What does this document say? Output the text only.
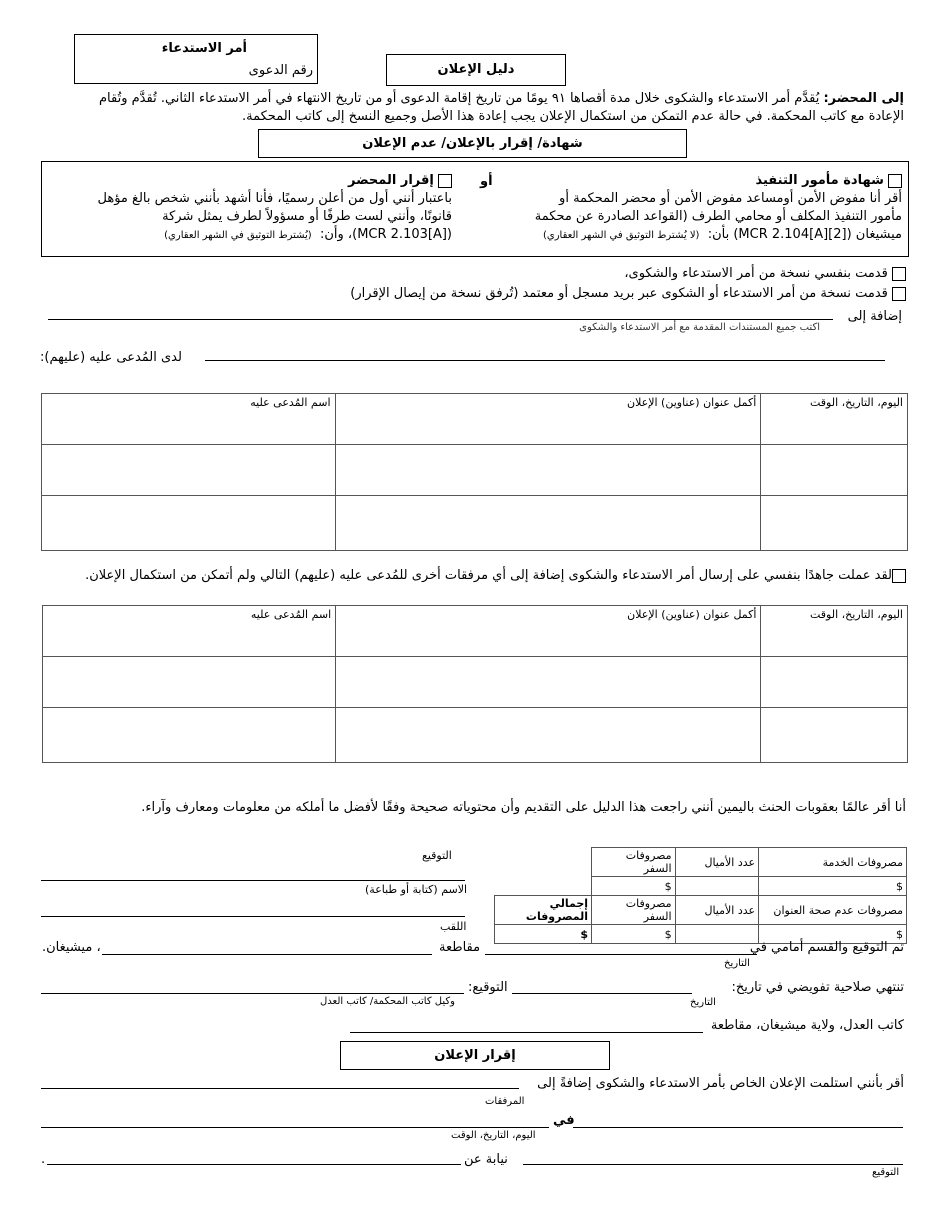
أمر الاستدعاء
رقم الدعوى	دليل الإعلان
إلى المحضر: يُقدَّم أمر الاستدعاء والشكوى خلال مدة أقصاها ٩١ يومًا من تاريخ إقامة الدعوى أو من تاريخ الانتهاء في أمر الاستدعاء الثاني. تُقدَّم وتُقام
الإعادة مع كاتب المحكمة. في حالة عدم التمكن من استكمال الإعلان يجب إعادة هذا الأصل وجميع النسخ إلى كاتب المحكمة.
شهادة/ إقرار بالإعلان/ عدم الإعلان
شهادة مأمور التنفيذ
أقر أنا مفوض الأمن أومساعد مفوض الأمن أو محضر المحكمة أو
مأمور التنفيذ المكلف أو محامي الطرف (القواعد الصادرة عن محكمة
ميشيغان ([2][A]MCR 2.104) بأن:  (لا يُشترط التوثيق في الشهر العقاري)
أو
إقرار المحضر
باعتبار أنني أول من أعلن رسميًا، فأنا أشهد بأنني شخص بالغ مؤهل
قانونًا، وأنني لست طرفًا أو مسؤولاً لطرف يمثل شركة
(MCR 2.103[A])، وأن:  (يُشترط التوثيق في الشهر العقاري)
قدمت بنفسي نسخة من أمر الاستدعاء والشكوى،
قدمت نسخة من أمر الاستدعاء أو الشكوى عبر بريد مسجل أو معتمد (تُرفق نسخة من إيصال الإقرار)
إضافة إلى
اكتب جميع المستندات المقدمة مع أمر الاستدعاء والشكوى
لدى المُدعى عليه (عليهم):
اسم المُدعى عليه	أكمل عنوان (عناوين) الإعلان	اليوم، التاريخ، الوقت

لقد عملت جاهدًا بنفسي على إرسال أمر الاستدعاء والشكوى إضافة إلى أي مرفقات أخرى للمُدعى عليه (عليهم) التالي ولم أتمكن من استكمال الإعلان.
اسم المُدعى عليه	أكمل عنوان (عناوين) الإعلان	اليوم، التاريخ، الوقت

أنا أقر عالمًا بعقوبات الحنث باليمين أنني راجعت هذا الدليل على التقديم وأن محتوياته صحيحة وفقًا لأفضل ما أملكه من معلومات ومعارف وآراء.
التوقيع
الاسم (كتابة أو طباعة)
اللقب
	مصروفات السفر	عدد الأميال	مصروفات الخدمة
	$		$
إجمالي المصروفات	مصروفات السفر	عدد الأميال	مصروفات عدم صحة العنوان
$	$		$
تم التوقيع والقسم أمامي في
التاريخ
مقاطعة
، ميشيغان.
تنتهي صلاحية تفويضي في تاريخ:
التاريخ
التوقيع:
وكيل كاتب المحكمة/ كاتب العدل
كاتب العدل، ولاية ميشيغان، مقاطعة
إقرار الإعلان
أقر بأنني استلمت الإعلان الخاص بأمر الاستدعاء والشكوى إضافةً إلى
المرفقات
في
اليوم، التاريخ، الوقت
التوقيع
نيابة عن
.
